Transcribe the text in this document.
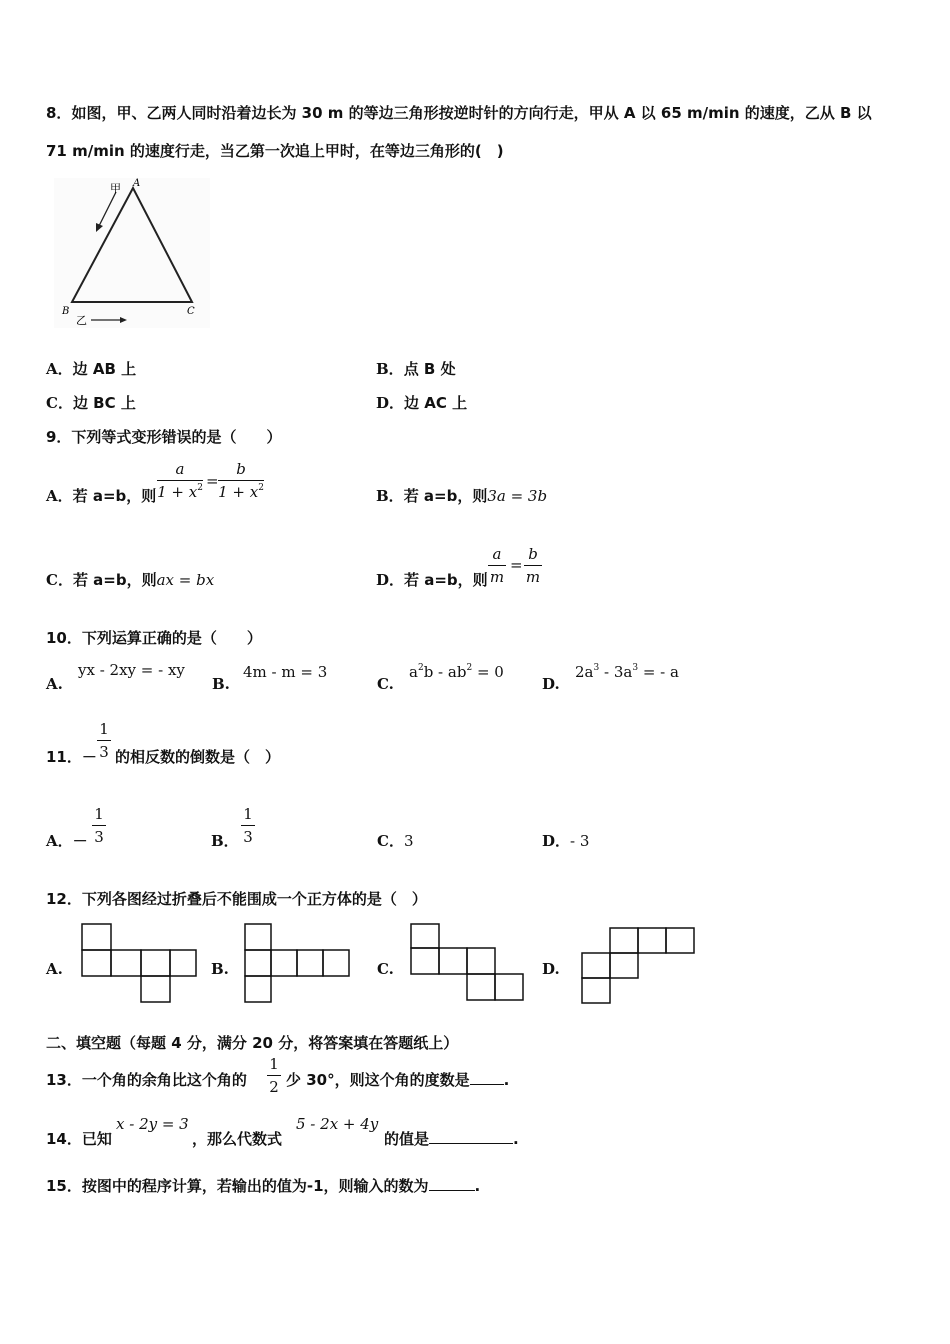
8．如图，甲、乙两人同时沿着边长为 30 m 的等边三角形按逆时针的方向行走，甲从 A 以 65 m/min 的速度，乙从 B 以
71 m/min 的速度行走，当乙第一次追上甲时，在等边三角形的(　)
甲 A
B	C
乙
A．边 AB 上	B．点 B 处
C．边 BC 上	D．边 AC 上
9．下列等式变形错误的是（　　）
A．若 a=b，则
a
$1 + x^2$ =
b
$1 + x^2$	B．若 a=b，则3a = 3b
C．若 a=b，则ax = bx	D．若 a=b，则
a
m
=
b
m
10．下列运算正确的是（　　）
A.
yx - 2xy = - xy
B.
4m - m = 3
C.
$a^2b - ab^2 = 0$
D.
$2a^3 - 3a^3$ = - a
11．－
1
3 的相反数的倒数是（　）
A．－
1
3	B．
1
3	C．3	D．- 3
12．下列各图经过折叠后不能围成一个正方体的是（　）
A.	B.	C.	D.
二、填空题（每题 4 分，满分 20 分，将答案填在答题纸上）
13．一个角的余角比这个角的
1
2 少 30°，则这个角的度数是 .
14．已知
x - 2y = 3
，那么代数式
5 - 2x + 4y
的值是	.
15．按图中的程序计算，若输出的值为-1，则输入的数为	.
